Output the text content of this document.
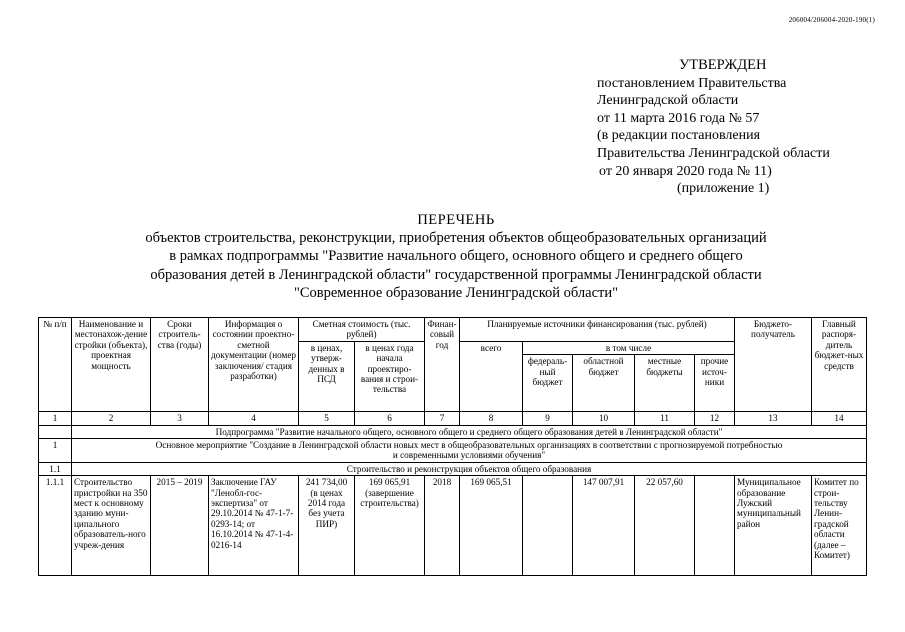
206004/206004-2020-190(1)
УТВЕРЖДЕН
постановлением Правительства
Ленинградской области
от 11 марта 2016 года № 57
(в редакции постановления
Правительства Ленинградской области
от 20 января 2020 года № 11)
(приложение 1)
ПЕРЕЧЕНЬ
объектов строительства, реконструкции, приобретения объектов общеобразовательных организаций
в рамках подпрограммы "Развитие начального общего, основного общего и среднего общего
образования детей в Ленинградской области" государственной программы Ленинградской области
"Современное образование Ленинградской области"
№ п/п	Наименование и местонахож-дение стройки (объекта), проектная мощность	Сроки строитель-ства (годы)	Информация о состоянии проектно-сметной документации (номер заключения/ стадия разработки)	Сметная стоимость (тыс. рублей)		Финан-совый год	Планируемые источники финансирования (тыс. рублей)					Бюджето-получатель	Главный распоря-дитель бюджет-ных средств
				в ценах, утверж-денных в ПСД	в ценах года начала проектиро-вания и строи-тельства		всего	в том числе					
								федераль-ный бюджет	областной бюджет	местные бюджеты	прочие источ-ники		
1	2	3	4	5	6	7	8	9	10	11	12	13	14
	Подпрограмма "Развитие начального общего, основного общего и среднего общего образования детей в Ленинградской области"												
1	Основное мероприятие "Создание в Ленинградской области новых мест в общеобразовательных организациях в соответствии с прогнозируемой потребностью
и современными условиями обучения"												

1.1	Строительство и реконструкция объектов общего образования												
1.1.1	Строительство пристройки на 350 мест к основному зданию муни-ципального образователь-ного учреж-дения	2015 – 2019	Заключение ГАУ "Ленобл-гос-экспертиза" от 29.10.2014 № 47-1-7-0293-14; от 16.10.2014 № 47-1-4-0216-14	241 734,00 (в ценах 2014 года без учета ПИР)	169 065,91 (завершение строительства)	2018	169 065,51		147 007,91	22 057,60		Муниципальное образование Лужский муниципальный район	Комитет по строи-тельству Ленин-градской области (далее – Комитет)
